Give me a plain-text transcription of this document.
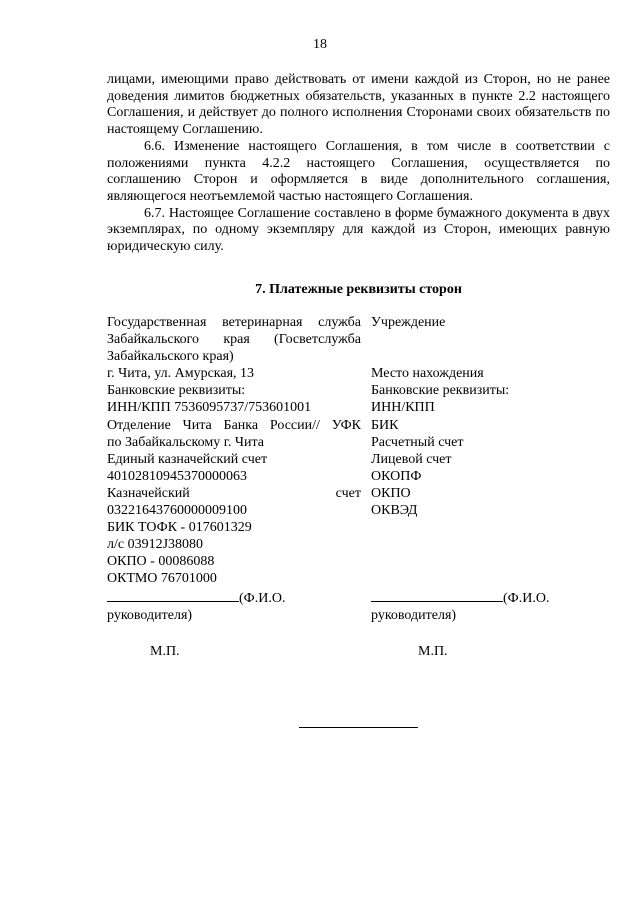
18

лицами, имеющими право действовать от имени каждой из Сторон, но не ранее доведения лимитов бюджетных обязательств, указанных в пункте 2.2 настоящего Соглашения, и действует до полного исполнения Сторонами своих обязательств по настоящему Соглашению.

6.6. Изменение настоящего Соглашения, в том числе в соответствии с положениями пункта 4.2.2 настоящего Соглашения, осуществляется по соглашению Сторон и оформляется в виде дополнительного соглашения, являющегося неотъемлемой частью настоящего Соглашения.

6.7. Настоящее Соглашение составлено в форме бумажного документа в двух экземплярах, по одному экземпляру для каждой из Сторон, имеющих равную юридическую силу.

7. Платежные реквизиты сторон
Государственная ветеринарная служба
Забайкальского края (Госветслужба
Забайкальского края)
г. Чита, ул. Амурская, 13
Банковские реквизиты:
ИНН/КПП 7536095737/753601001
Отделение Чита Банка России// УФК
по Забайкальскому г. Чита
Единый казначейский счет
40102810945370000063
Казначейский счет
03221643760000009100
БИК ТОФК - 017601329
л/с 03912J38080
ОКПО - 00086088
ОКТМО 76701000
(Ф.И.О.
руководителя)
Учреждение
Место нахождения
Банковские реквизиты:
ИНН/КПП
БИК
Расчетный счет
Лицевой счет
ОКОПФ
ОКПО
ОКВЭД
(Ф.И.О.
руководителя)
М.П.	М.П.
